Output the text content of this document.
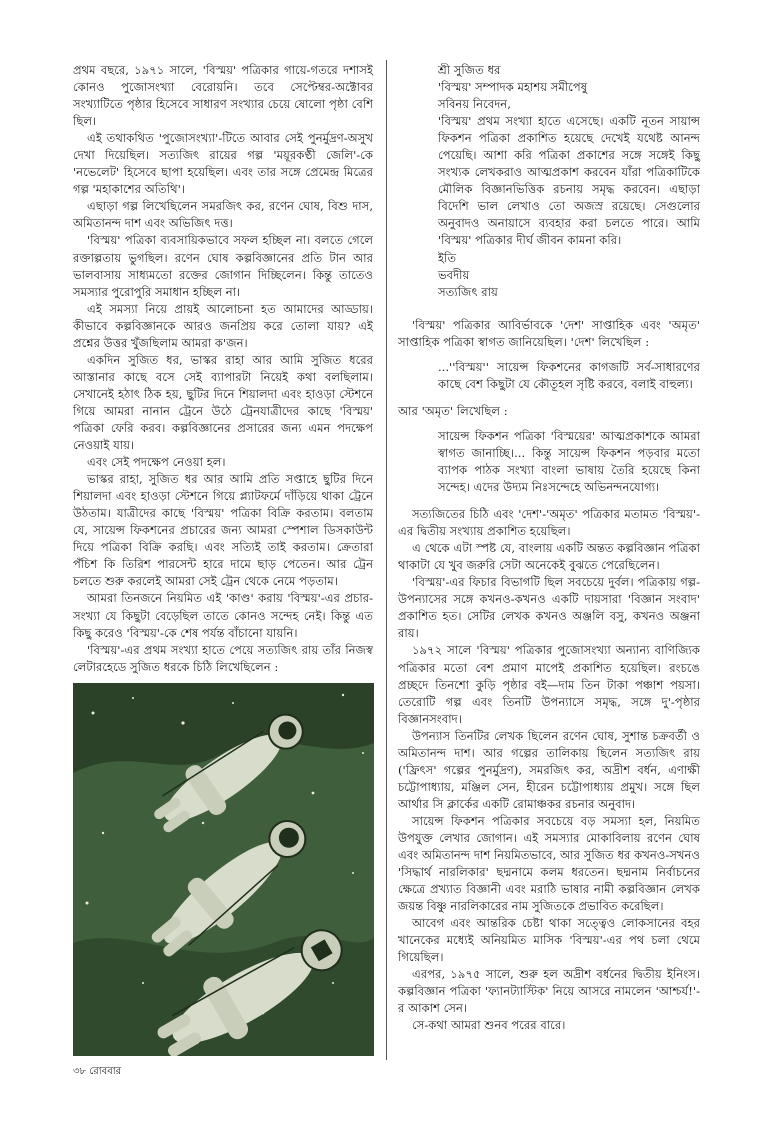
প্রথম বছরে, ১৯৭১ সালে, 'বিস্ময়' পত্রিকার গায়ে-গতরে দশাসই কোনও পুজোসংখ্যা বেরোয়নি। তবে সেপ্টেম্বর-অক্টোবর সংখ্যাটিতে পৃষ্ঠার হিসেবে সাধারণ সংখ্যার চেয়ে ষোলো পৃষ্ঠা বেশি ছিল।

এই তথাকথিত 'পুজোসংখ্যা'-টিতে আবার সেই পুনর্মুদ্রণ-অসুখ দেখা দিয়েছিল। সত্যজিৎ রায়ের গল্প 'ময়ূরকণ্ঠী জেলি'-কে 'নভেলেট' হিসেবে ছাপা হয়েছিল। এবং তার সঙ্গে প্রেমেন্দ্র মিত্রের গল্প 'মহাকাশের অতিথি'।

এছাড়া গল্প লিখেছিলেন সমরজিৎ কর, রণেন ঘোষ, বিশু দাস, অমিতানন্দ দাশ এবং অভিজিৎ দত্ত।

'বিস্ময়' পত্রিকা ব্যবসায়িকভাবে সফল হচ্ছিল না। বলতে গেলে রক্তাল্পতায় ভুগছিল। রণেন ঘোষ কল্পবিজ্ঞানের প্রতি টান আর ভালবাসায় সাধ্যমতো রক্তের জোগান দিচ্ছিলেন। কিন্তু তাতেও সমস্যার পুরোপুরি সমাধান হচ্ছিল না।

এই সমস্যা নিয়ে প্রায়ই আলোচনা হত আমাদের আড্ডায়। কীভাবে কল্পবিজ্ঞানকে আরও জনপ্রিয় করে তোলা যায়? এই প্রশ্নের উত্তর খুঁজছিলাম আমরা ক'জন।

একদিন সুজিত ধর, ভাস্কর রাহা আর আমি সুজিত ধরের আস্তানার কাছে বসে সেই ব্যাপারটা নিয়েই কথা বলছিলাম। সেখানেই হঠাৎ ঠিক হয়, ছুটির দিনে শিয়ালদা এবং হাওড়া স্টেশনে গিয়ে আমরা নানান ট্রেনে উঠে ট্রেনযাত্রীদের কাছে 'বিস্ময়' পত্রিকা ফেরি করব। কল্পবিজ্ঞানের প্রসারের জন্য এমন পদক্ষেপ নেওয়াই যায়।

এবং সেই পদক্ষেপ নেওয়া হল।

ভাস্কর রাহা, সুজিত ধর আর আমি প্রতি সপ্তাহে ছুটির দিনে শিয়ালদা এবং হাওড়া স্টেশনে গিয়ে প্ল্যাটফর্মে দাঁড়িয়ে থাকা ট্রেনে উঠতাম। যাত্রীদের কাছে 'বিস্ময়' পত্রিকা বিক্রি করতাম। বলতাম যে, সায়েন্স ফিকশনের প্রচারের জন্য আমরা স্পেশাল ডিসকাউন্ট দিয়ে পত্রিকা বিক্রি করছি। এবং সত্যিই তাই করতাম। ক্রেতারা পঁচিশ কি তিরিশ পারসেন্ট হারে দামে ছাড় পেতেন। আর ট্রেন চলতে শুরু করলেই আমরা সেই ট্রেন থেকে নেমে পড়তাম।

আমরা তিনজনে নিয়মিত এই 'কাণ্ড' করায় 'বিস্ময়'-এর প্রচার-সংখ্যা যে কিছুটা বেড়েছিল তাতে কোনও সন্দেহ নেই। কিন্তু এত কিছু করেও 'বিস্ময়'-কে শেষ পর্যন্ত বাঁচানো যায়নি।

'বিস্ময়'-এর প্রথম সংখ্যা হাতে পেয়ে সত্যজিৎ রায় তাঁর নিজস্ব লেটারহেডে সুজিত ধরকে চিঠি লিখেছিলেন :

শ্রী সুজিত ধর

'বিস্ময়' সম্পাদক মহাশয় সমীপেষু

সবিনয় নিবেদন,

'বিস্ময়' প্রথম সংখ্যা হাতে এসেছে। একটি নূতন সায়ান্স ফিকশন পত্রিকা প্রকাশিত হয়েছে দেখেই যথেষ্ট আনন্দ পেয়েছি। আশা করি পত্রিকা প্রকাশের সঙ্গে সঙ্গেই কিছু সংখ্যক লেখকরাও আত্মপ্রকাশ করবেন যাঁরা পত্রিকাটিকে মৌলিক বিজ্ঞানভিত্তিক রচনায় সমৃদ্ধ করবেন। এছাড়া বিদেশি ভাল লেখাও তো অজস্র রয়েছে। সেগুলোর অনুবাদও অনায়াসে ব্যবহার করা চলতে পারে। আমি 'বিস্ময়' পত্রিকার দীর্ঘ জীবন কামনা করি।

ইতি

ভবদীয়

সত্যজিৎ রায়

'বিস্ময়' পত্রিকার আবির্ভাবকে 'দেশ' সাপ্তাহিক এবং 'অমৃত' সাপ্তাহিক পত্রিকা স্বাগত জানিয়েছিল। 'দেশ' লিখেছিল :

...''বিস্ময়'' সায়েন্স ফিকশনের কাগজটি সর্ব-সাধারণের কাছে বেশ কিছুটা যে কৌতূহল সৃষ্টি করবে, বলাই বাহুল্য।

আর 'অমৃত' লিখেছিল :

সায়েন্স ফিকশন পত্রিকা 'বিস্ময়ের' আত্মপ্রকাশকে আমরা স্বাগত জানাচ্ছি।... কিন্তু সায়েন্স ফিকশন পড়বার মতো ব্যাপক পাঠক সংখ্যা বাংলা ভাষায় তৈরি হয়েছে কিনা সন্দেহ। এদের উদ্যম নিঃসন্দেহে অভিনন্দনযোগ্য।

সত্যজিতের চিঠি এবং 'দেশ'-'অমৃত' পত্রিকার মতামত 'বিস্ময়'-এর দ্বিতীয় সংখ্যায় প্রকাশিত হয়েছিল।

এ থেকে এটা স্পষ্ট যে, বাংলায় একটি অন্তত কল্পবিজ্ঞান পত্রিকা থাকাটা যে খুব জরুরি সেটা অনেকেই বুঝতে পেরেছিলেন।

'বিস্ময়'-এর ফিচার বিভাগটি ছিল সবচেয়ে দুর্বল। পত্রিকায় গল্প-উপন্যাসের সঙ্গে কখনও-কখনও একটি দায়সারা 'বিজ্ঞান সংবাদ' প্রকাশিত হত। সেটির লেখক কখনও অঞ্জলি বসু, কখনও অঞ্জনা রায়।

১৯৭২ সালে 'বিস্ময়' পত্রিকার পুজোসংখ্যা অন্যান্য বাণিজ্যিক পত্রিকার মতো বেশ প্রমাণ মাপেই প্রকাশিত হয়েছিল। রংচঙে প্রচ্ছদে তিনশো কুড়ি পৃষ্ঠার বই—দাম তিন টাকা পঞ্চাশ পয়সা। তেরোটি গল্প এবং তিনটি উপন্যাসে সমৃদ্ধ, সঙ্গে দু'-পৃষ্ঠার বিজ্ঞানসংবাদ।

উপন্যাস তিনটির লেখক ছিলেন রণেন ঘোষ, সুশান্ত চক্রবর্তী ও অমিতানন্দ দাশ। আর গল্পের তালিকায় ছিলেন সত্যজিৎ রায় ('ফ্রিৎস' গল্পের পুনর্মুদ্রণ), সমরজিৎ কর, অদ্রীশ বর্ধন, এণাক্ষী চট্টোপাধ্যায়, মঞ্জিল সেন, হীরেন চট্টোপাধ্যায় প্রমুখ। সঙ্গে ছিল আর্থার সি ক্লার্কের একটি রোমাঞ্চকর রচনার অনুবাদ।

সায়েন্স ফিকশন পত্রিকার সবচেয়ে বড় সমস্যা হল, নিয়মিত উপযুক্ত লেখার জোগান। এই সমস্যার মোকাবিলায় রণেন ঘোষ এবং অমিতানন্দ দাশ নিয়মিতভাবে, আর সুজিত ধর কখনও-সখনও 'সিদ্ধার্থ নারলিকার' ছদ্মনামে কলম ধরতেন। ছদ্মনাম নির্বাচনের ক্ষেত্রে প্রখ্যাত বিজ্ঞানী এবং মরাঠি ভাষার নামী কল্পবিজ্ঞান লেখক জয়ন্ত বিষ্ণু নারলিকারের নাম সুজিতকে প্রভাবিত করেছিল।

আবেগ এবং আন্তরিক চেষ্টা থাকা সত্ত্বেও লোকসানের বহর খানেকের মধ্যেই অনিয়মিত মাসিক 'বিস্ময়'-এর পথ চলা থেমে গিয়েছিল।

এরপর, ১৯৭৫ সালে, শুরু হল অদ্রীশ বর্ধনের দ্বিতীয় ইনিংস। কল্পবিজ্ঞান পত্রিকা 'ফ্যানট্যাস্টিক' নিয়ে আসরে নামলেন 'আশ্চর্য!'-র আকাশ সেন।

সে-কথা আমরা শুনব পরের বারে।

৩৮ রোববার
